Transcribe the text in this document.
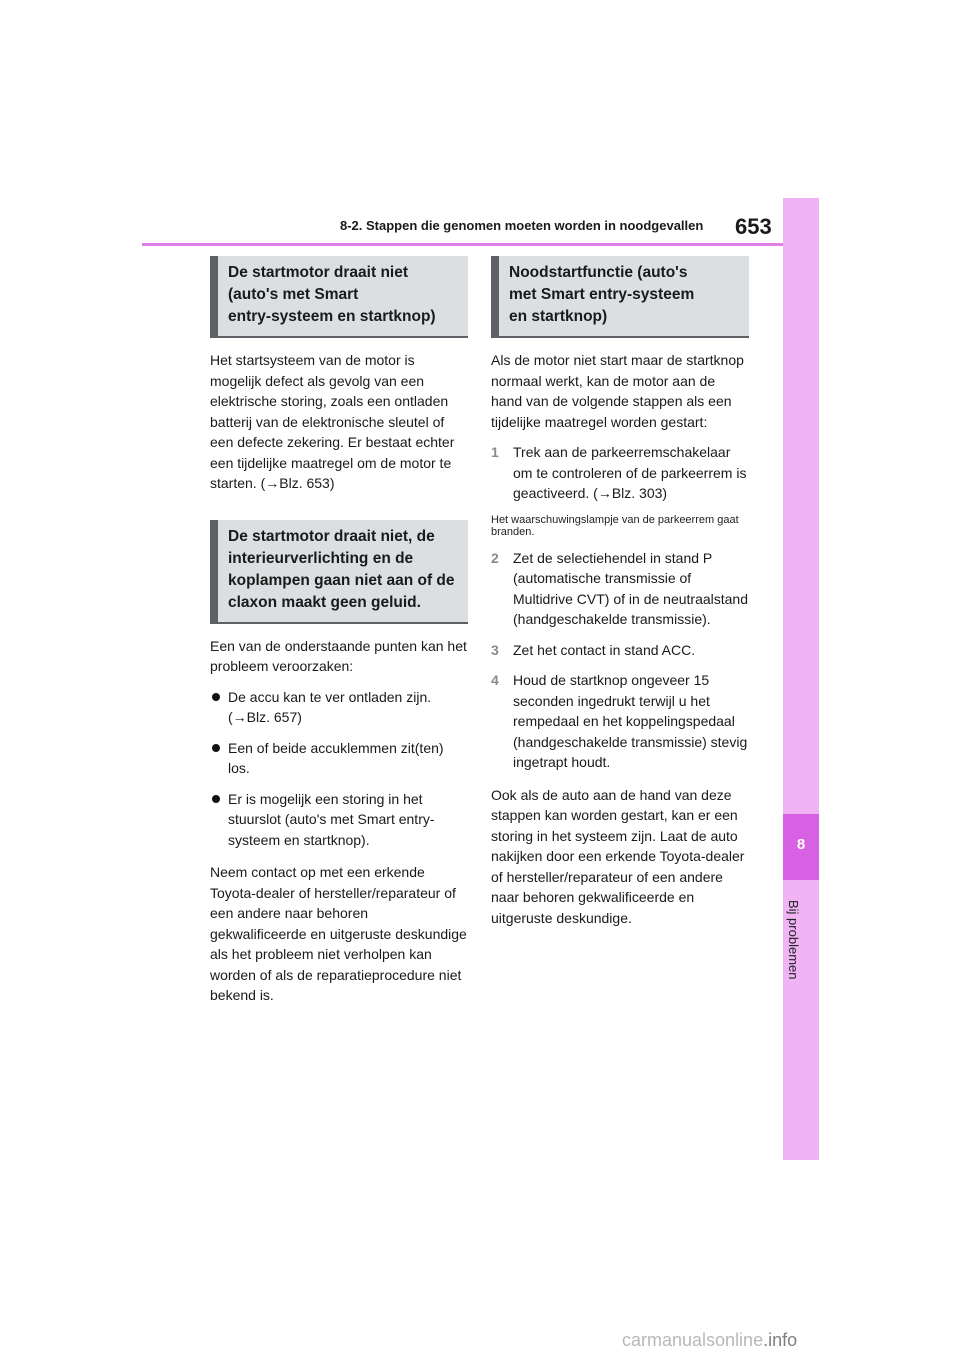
8-2. Stappen die genomen moeten worden in noodgevallen 653
8
Bij problemen
De startmotor draait niet
(auto's met Smart
entry-systeem en startknop)

Het startsysteem van de motor is mogelijk defect als gevolg van een elektrische storing, zoals een ontladen batterij van de elektronische sleutel of een defecte zekering. Er bestaat echter een tijdelijke maatregel om de motor te starten. (→Blz. 653)

De startmotor draait niet, de
interieurverlichting en de
koplampen gaan niet aan of de
claxon maakt geen geluid.

Een van de onderstaande punten kan het probleem veroorzaken:

De accu kan te ver ontladen zijn. (→Blz. 657)
Een of beide accuklemmen zit(ten) los.
Er is mogelijk een storing in het stuurslot (auto's met Smart entry-systeem en startknop).

Neem contact op met een erkende Toyota-dealer of hersteller/reparateur of een andere naar behoren gekwalificeerde en uitgeruste deskundige als het probleem niet verholpen kan worden of als de reparatieprocedure niet bekend is.

Noodstartfunctie (auto's
met Smart entry-systeem
en startknop)

Als de motor niet start maar de startknop normaal werkt, kan de motor aan de hand van de volgende stappen als een tijdelijke maatregel worden gestart:

1 Trek aan de parkeerremschakelaar om te controleren of de parkeerrem is geactiveerd. (→Blz. 303)

Het waarschuwingslampje van de parkeerrem gaat branden.

2 Zet de selectiehendel in stand P (automatische transmissie of Multidrive CVT) of in de neutraalstand (handgeschakelde transmissie).
3 Zet het contact in stand ACC.
4 Houd de startknop ongeveer 15 seconden ingedrukt terwijl u het rempedaal en het koppelingspedaal (handgeschakelde transmissie) stevig ingetrapt houdt.

Ook als de auto aan de hand van deze stappen kan worden gestart, kan er een storing in het systeem zijn. Laat de auto nakijken door een erkende Toyota-dealer of hersteller/reparateur of een andere naar behoren gekwalificeerde en uitgeruste deskundige.

carmanualsonline.info
